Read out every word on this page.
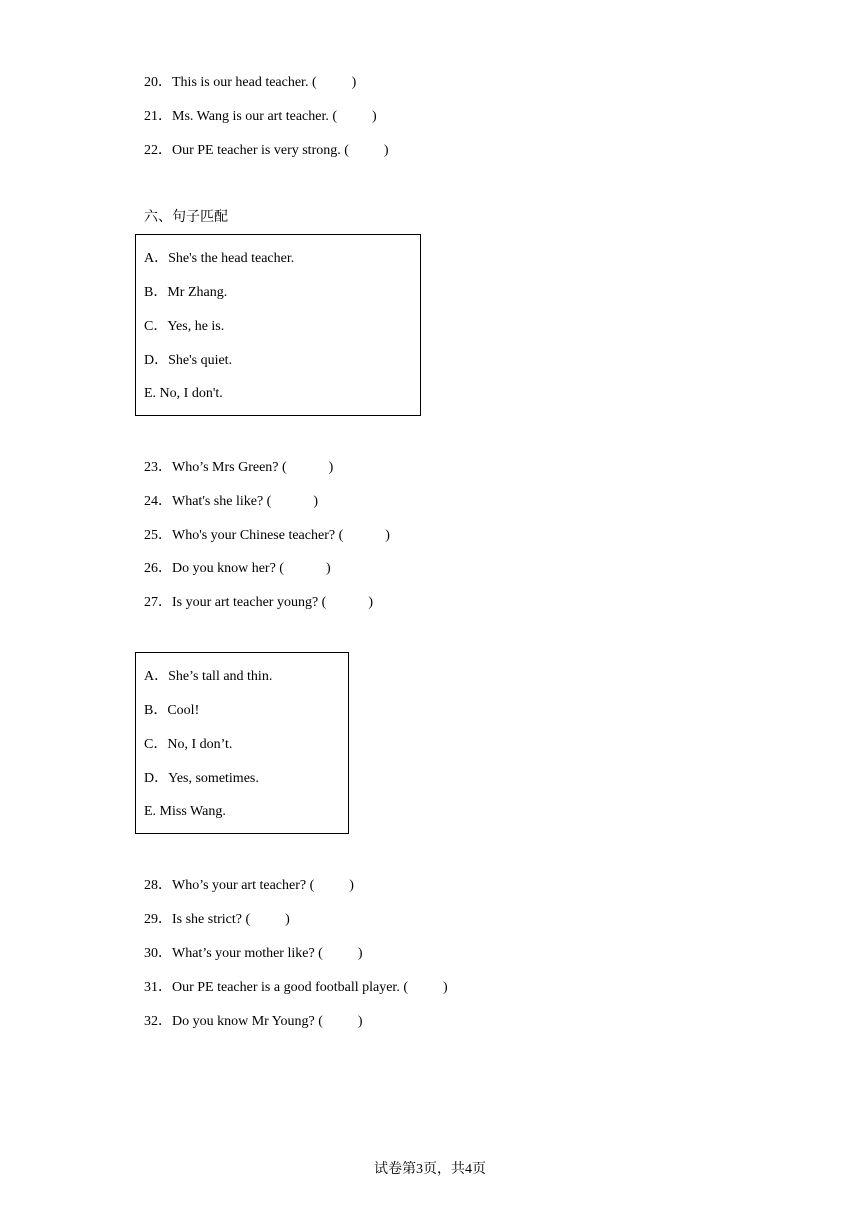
20．This is our head teacher. (          )
21．Ms. Wang is our art teacher. (          )
22．Our PE teacher is very strong. (          )
六、句子匹配
A．She's the head teacher.
B．Mr Zhang.
C．Yes, he is.
D．She's quiet.
E. No, I don't.
23．Who’s Mrs Green? (            )
24．What's she like? (            )
25．Who's your Chinese teacher? (            )
26．Do you know her? (            )
27．Is your art teacher young? (            )
A．She’s tall and thin.
B．Cool!
C．No, I don’t.
D．Yes, sometimes.
E. Miss Wang.
28．Who’s your art teacher? (          )
29．Is she strict? (          )
30．What’s your mother like? (          )
31．Our PE teacher is a good football player. (          )
32．Do you know Mr Young? (          )
试卷第3页，共4页
